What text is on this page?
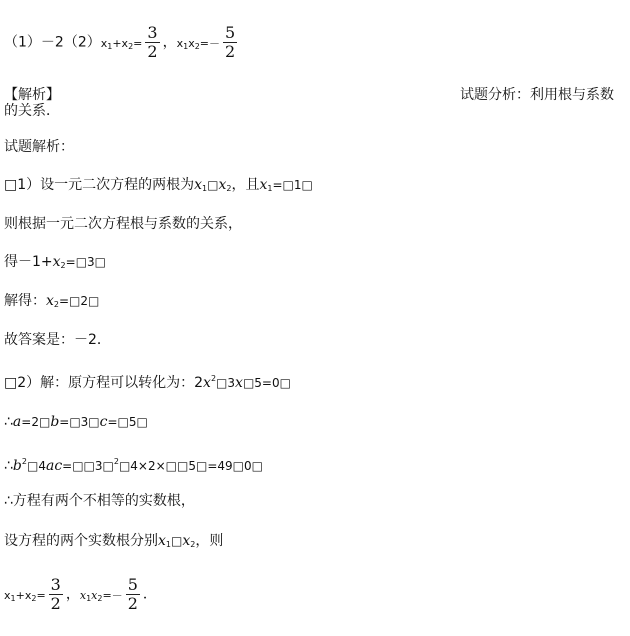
$(1)-2(2)x_1+x_2= \frac{3}{2}$ ，$x_1x_2=- \frac{5}{2}$
【解析】	试题分析：利用根与系数
的关系．
试题解析：
□1）设一元二次方程的两根为$x_1□x_2$，且$x_1=□1□$
则根据一元二次方程根与系数的关系，
得$-1+x_2=□3□$
解得：$x_2=□2□$
故答案是：－2．
□2）解：原方程可以转化为：$2x^2□3x□5=0□$
∴a=2□b=□3□c=□5□
$\therefore b^2□4ac=□□3□^2□4\times 2\times□□5□=49□0□$
∴方程有两个不相等的实数根，
设方程的两个实数根分别$x_1□x_2$，则
$x_1+x_2= \frac{3}{2}$ ，$x_1x_2=- \frac{5}{2}$ ．
